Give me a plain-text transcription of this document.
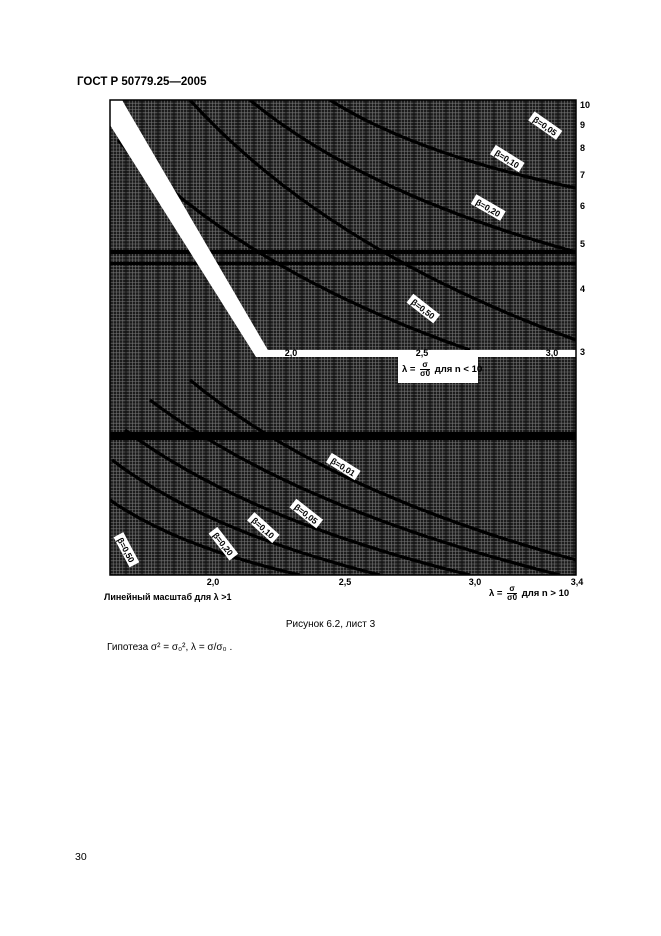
ГОСТ Р 50779.25—2005
β=0,05
β=0,10
β=0,20
β=0,50
β=0,01
β=0,05
β=0,10
β=0,20
β=0,50
2,0	2,5	3,0	3,4
2,0	2,5	3,0
10
9
8
7
6
5
4
3
Линейный масштаб для λ >1	$\lambda = \frac{\sigma}{\sigma 0}$ для n > 10
$\lambda = \frac{\sigma}{\sigma 0}$ для n < 10
Рисунок 6.2, лист 3
Гипотеза σ² = σ₀², λ = σ/σ₀ .
30
